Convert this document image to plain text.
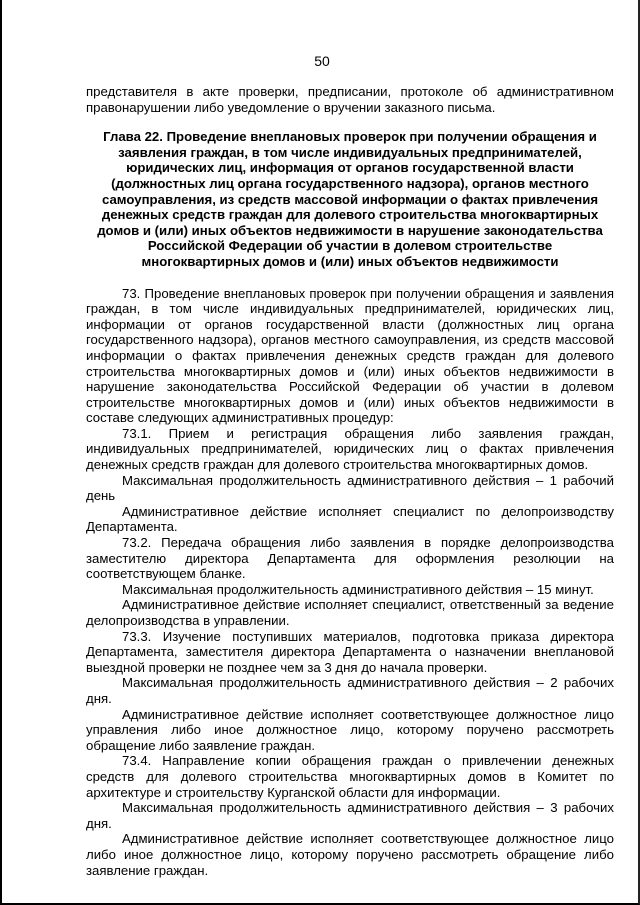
50

представителя в акте проверки, предписании, протоколе об административном правонарушении либо уведомление о вручении заказного письма.

Глава 22. Проведение внеплановых проверок при получении обращения и заявления граждан, в том числе индивидуальных предпринимателей, юридических лиц, информация от органов государственной власти (должностных лиц органа государственного надзора), органов местного самоуправления, из средств массовой информации о фактах привлечения денежных средств граждан для долевого строительства многоквартирных домов и (или) иных объектов недвижимости в нарушение законодательства Российской Федерации об участии в долевом строительстве многоквартирных домов и (или) иных объектов недвижимости

73. Проведение внеплановых проверок при получении обращения и заявления граждан, в том числе индивидуальных предпринимателей, юридических лиц, информации от органов государственной власти (должностных лиц органа государственного надзора), органов местного самоуправления, из средств массовой информации о фактах привлечения денежных средств граждан для долевого строительства многоквартирных домов и (или) иных объектов недвижимости в нарушение законодательства Российской Федерации об участии в долевом строительстве многоквартирных домов и (или) иных объектов недвижимости в составе следующих административных процедур:

73.1. Прием и регистрация обращения либо заявления граждан, индивидуальных предпринимателей, юридических лиц о фактах привлечения денежных средств граждан для долевого строительства многоквартирных домов.

Максимальная продолжительность административного действия – 1 рабочий день

Административное действие исполняет специалист по делопроизводству Департамента.

73.2. Передача обращения либо заявления в порядке делопроизводства заместителю директора Департамента для оформления резолюции на соответствующем бланке.

Максимальная продолжительность административного действия – 15 минут.

Административное действие исполняет специалист, ответственный за ведение делопроизводства в управлении.

73.3. Изучение поступивших материалов, подготовка приказа директора Департамента, заместителя директора Департамента о назначении внеплановой выездной проверки не позднее чем за 3 дня до начала проверки.

Максимальная продолжительность административного действия – 2 рабочих дня.

Административное действие исполняет соответствующее должностное лицо управления либо иное должностное лицо, которому поручено рассмотреть обращение либо заявление граждан.

73.4. Направление копии обращения граждан о привлечении денежных средств для долевого строительства многоквартирных домов в Комитет по архитектуре и строительству Курганской области для информации.

Максимальная продолжительность административного действия – 3 рабочих дня.

Административное действие исполняет соответствующее должностное лицо либо иное должностное лицо, которому поручено рассмотреть обращение либо заявление граждан.
